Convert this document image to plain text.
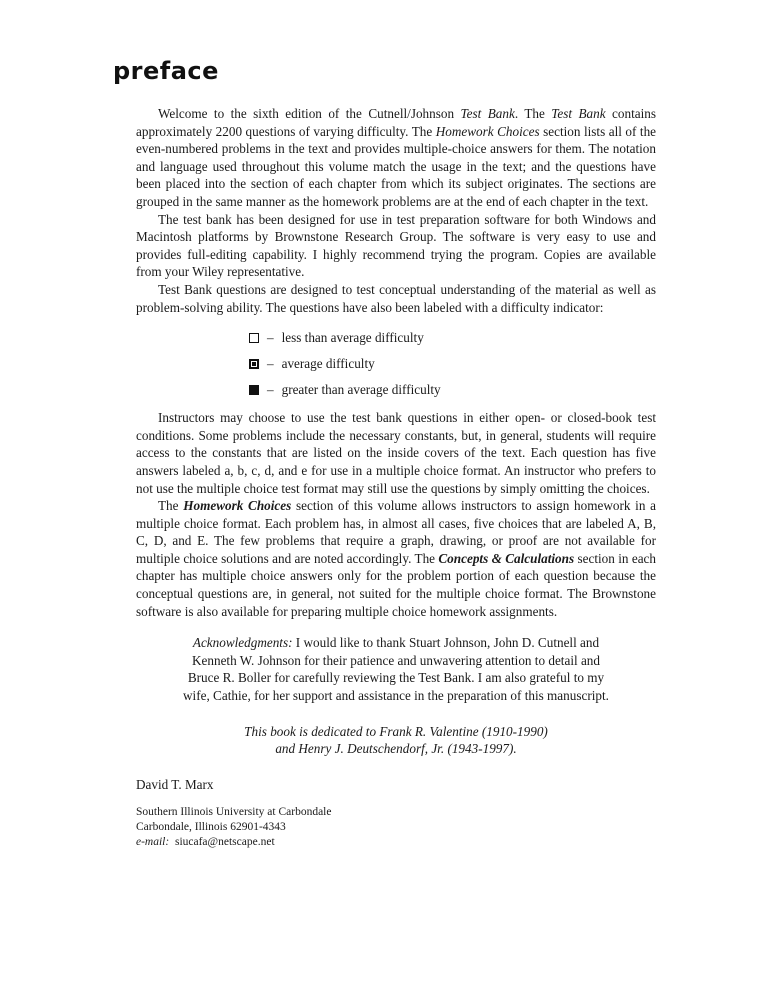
preface

Welcome to the sixth edition of the Cutnell/Johnson Test Bank. The Test Bank contains approximately 2200 questions of varying difficulty. The Homework Choices section lists all of the even-numbered problems in the text and provides multiple-choice answers for them. The notation and language used throughout this volume match the usage in the text; and the questions have been placed into the section of each chapter from which its subject originates. The sections are grouped in the same manner as the homework problems are at the end of each chapter in the text.

The test bank has been designed for use in test preparation software for both Windows and Macintosh platforms by Brownstone Research Group. The software is very easy to use and provides full-editing capability. I highly recommend trying the program. Copies are available from your Wiley representative.

Test Bank questions are designed to test conceptual understanding of the material as well as problem-solving ability. The questions have also been labeled with a difficulty indicator:

– less than average difficulty
– average difficulty
– greater than average difficulty

Instructors may choose to use the test bank questions in either open- or closed-book test conditions. Some problems include the necessary constants, but, in general, students will require access to the constants that are listed on the inside covers of the text. Each question has five answers labeled a, b, c, d, and e for use in a multiple choice format. An instructor who prefers to not use the multiple choice test format may still use the questions by simply omitting the choices.

The Homework Choices section of this volume allows instructors to assign homework in a multiple choice format. Each problem has, in almost all cases, five choices that are labeled A, B, C, D, and E. The few problems that require a graph, drawing, or proof are not available for multiple choice solutions and are noted accordingly. The Concepts & Calculations section in each chapter has multiple choice answers only for the problem portion of each question because the conceptual questions are, in general, not suited for the multiple choice format. The Brownstone software is also available for preparing multiple choice homework assignments.

Acknowledgments: I would like to thank Stuart Johnson, John D. Cutnell and
Kenneth W. Johnson for their patience and unwavering attention to detail and
Bruce R. Boller for carefully reviewing the Test Bank. I am also grateful to my
wife, Cathie, for her support and assistance in the preparation of this manuscript.
This book is dedicated to Frank R. Valentine (1910-1990)
and Henry J. Deutschendorf, Jr. (1943-1997).
David T. Marx
Southern Illinois University at Carbondale
Carbondale, Illinois 62901-4343
e-mail: siucafa@netscape.net
